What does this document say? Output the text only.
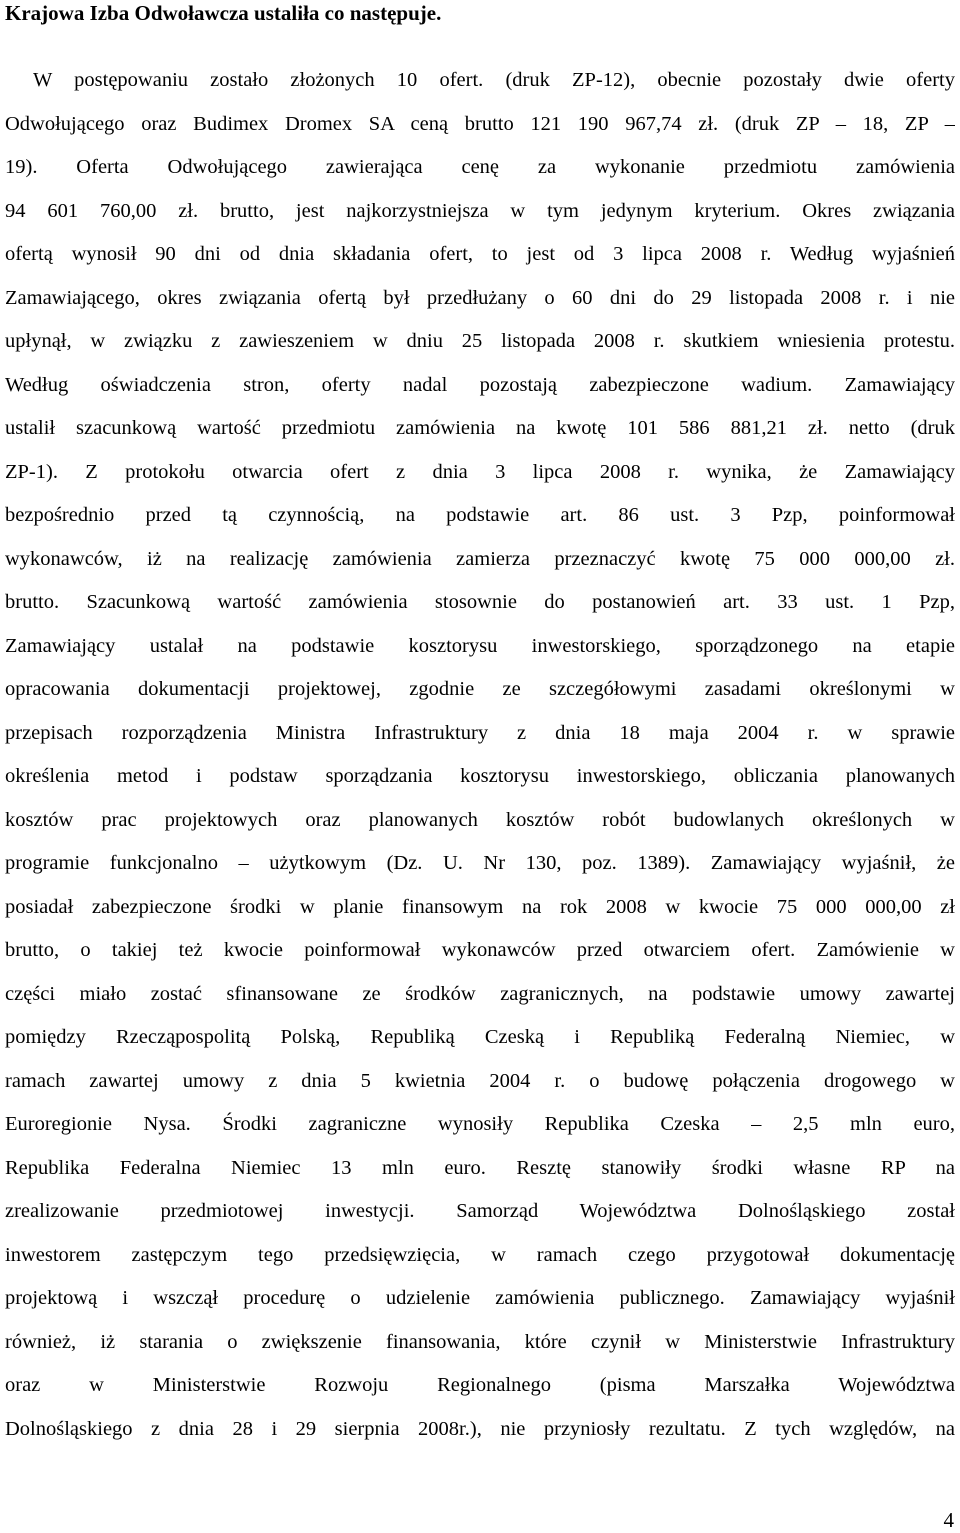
Krajowa Izba Odwoławcza ustaliła co następuje.
W postępowaniu zostało złożonych 10 ofert. (druk ZP-12), obecnie pozostały dwie oferty
Odwołującego oraz Budimex Dromex SA ceną brutto 121 190 967,74 zł. (druk ZP – 18, ZP –
19). Oferta Odwołującego zawierająca cenę za wykonanie przedmiotu zamówienia
94 601 760,00 zł. brutto, jest najkorzystniejsza w tym jedynym kryterium. Okres związania
ofertą wynosił 90 dni od dnia składania ofert, to jest od 3 lipca 2008 r. Według wyjaśnień
Zamawiającego, okres związania ofertą był przedłużany o 60 dni do 29 listopada 2008 r. i nie
upłynął, w związku z zawieszeniem w dniu 25 listopada 2008 r. skutkiem wniesienia protestu.
Według oświadczenia stron, oferty nadal pozostają zabezpieczone wadium. Zamawiający
ustalił szacunkową wartość przedmiotu zamówienia na kwotę 101 586 881,21 zł. netto (druk
ZP-1). Z protokołu otwarcia ofert z dnia 3 lipca 2008 r. wynika, że Zamawiający
bezpośrednio przed tą czynnością, na podstawie art. 86 ust. 3 Pzp, poinformował
wykonawców, iż na realizację zamówienia zamierza przeznaczyć kwotę 75 000 000,00 zł.
brutto. Szacunkową wartość zamówienia stosownie do postanowień art. 33 ust. 1 Pzp,
Zamawiający ustalał na podstawie kosztorysu inwestorskiego, sporządzonego na etapie
opracowania dokumentacji projektowej, zgodnie ze szczegółowymi zasadami określonymi w
przepisach rozporządzenia Ministra Infrastruktury z dnia 18 maja 2004 r. w sprawie
określenia metod i podstaw sporządzania kosztorysu inwestorskiego, obliczania planowanych
kosztów prac projektowych oraz planowanych kosztów robót budowlanych określonych w
programie funkcjonalno – użytkowym (Dz. U. Nr 130, poz. 1389). Zamawiający wyjaśnił, że
posiadał zabezpieczone środki w planie finansowym na rok 2008 w kwocie 75 000 000,00 zł
brutto, o takiej też kwocie poinformował wykonawców przed otwarciem ofert. Zamówienie w
części miało zostać sfinansowane ze środków zagranicznych, na podstawie umowy zawartej
pomiędzy Rzecząpospolitą Polską, Republiką Czeską i Republiką Federalną Niemiec, w
ramach zawartej umowy z dnia 5 kwietnia 2004 r. o budowę połączenia drogowego w
Euroregionie Nysa. Środki zagraniczne wynosiły Republika Czeska – 2,5 mln euro,
Republika Federalna Niemiec 13 mln euro. Resztę stanowiły środki własne RP na
zrealizowanie przedmiotowej inwestycji. Samorząd Województwa Dolnośląskiego został
inwestorem zastępczym tego przedsięwzięcia, w ramach czego przygotował dokumentację
projektową i wszczął procedurę o udzielenie zamówienia publicznego. Zamawiający wyjaśnił
również, iż starania o zwiększenie finansowania, które czynił w Ministerstwie Infrastruktury
oraz w Ministerstwie Rozwoju Regionalnego (pisma Marszałka Województwa
Dolnośląskiego z dnia 28 i 29 sierpnia 2008r.), nie przyniosły rezultatu. Z tych względów, na
4
